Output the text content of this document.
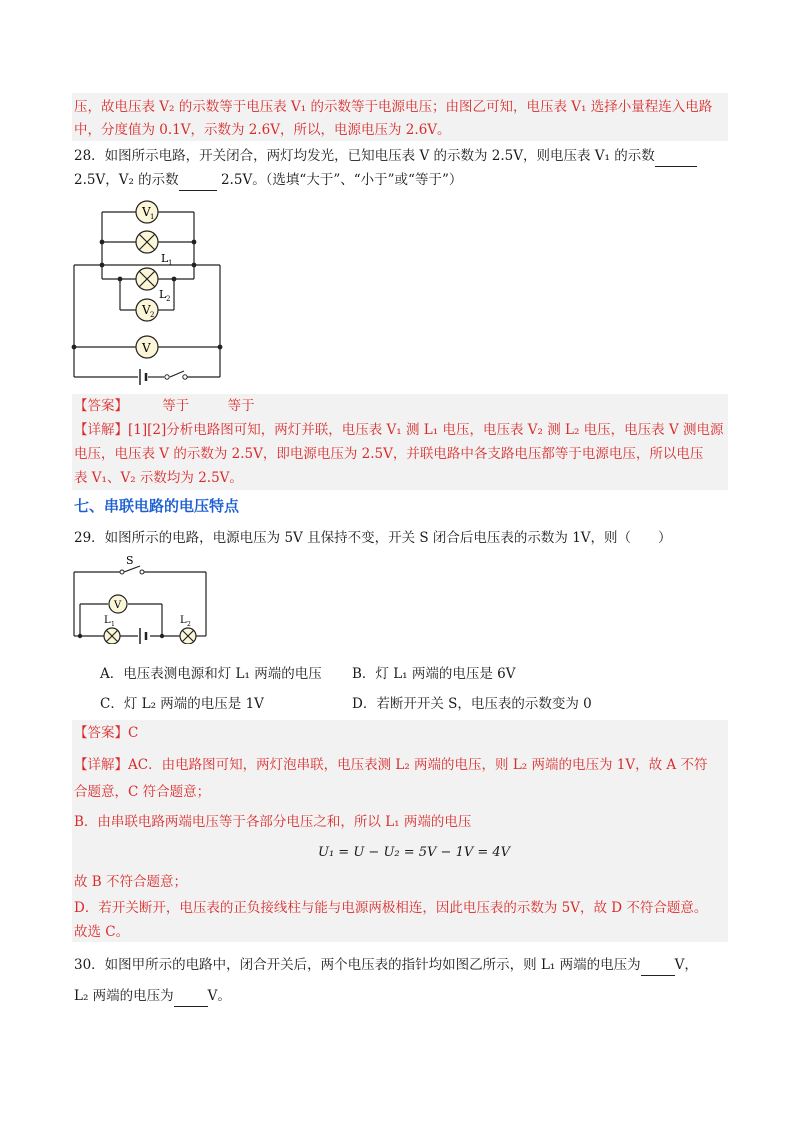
压，故电压表 V₂ 的示数等于电压表 V₁ 的示数等于电源电压；由图乙可知，电压表 V₁ 选择小量程连入电路
中，分度值为 0.1V，示数为 2.6V，所以，电源电压为 2.6V。
28．如图所示电路，开关闭合，两灯均发光，已知电压表 V 的示数为 2.5V，则电压表 V₁ 的示数
2.5V，V₂ 的示数	2.5V。（选填“大于”、“小于”或“等于”）
V 1
L 1
L 2
V 2
V
【答案】	等于	等于
【详解】[1][2]分析电路图可知，两灯并联，电压表 V₁ 测 L₁ 电压，电压表 V₂ 测 L₂ 电压，电压表 V 测电源
电压，电压表 V 的示数为 2.5V，即电源电压为 2.5V，并联电路中各支路电压都等于电源电压，所以电压
表 V₁、V₂ 示数均为 2.5V。
七、串联电路的电压特点
29．如图所示的电路，电源电压为 5V 且保持不变，开关 S 闭合后电压表的示数为 1V，则（　　）
S
V
L 1	L 2
A．电压表测电源和灯 L₁ 两端的电压 B．灯 L₁ 两端的电压是 6V
C．灯 L₂ 两端的电压是 1V	D．若断开开关 S，电压表的示数变为 0
【答案】C
【详解】AC．由电路图可知，两灯泡串联，电压表测 L₂ 两端的电压，则 L₂ 两端的电压为 1V，故 A 不符
合题意，C 符合题意；
B．由串联电路两端电压等于各部分电压之和，所以 L₁ 两端的电压
U₁ = U − U₂ = 5V − 1V = 4V
故 B 不符合题意；
D．若开关断开，电压表的正负接线柱与能与电源两极相连，因此电压表的示数为 5V，故 D 不符合题意。
故选 C。
30．如图甲所示的电路中，闭合开关后，两个电压表的指针均如图乙所示，则 L₁ 两端的电压为	V，
L₂ 两端的电压为	V。
